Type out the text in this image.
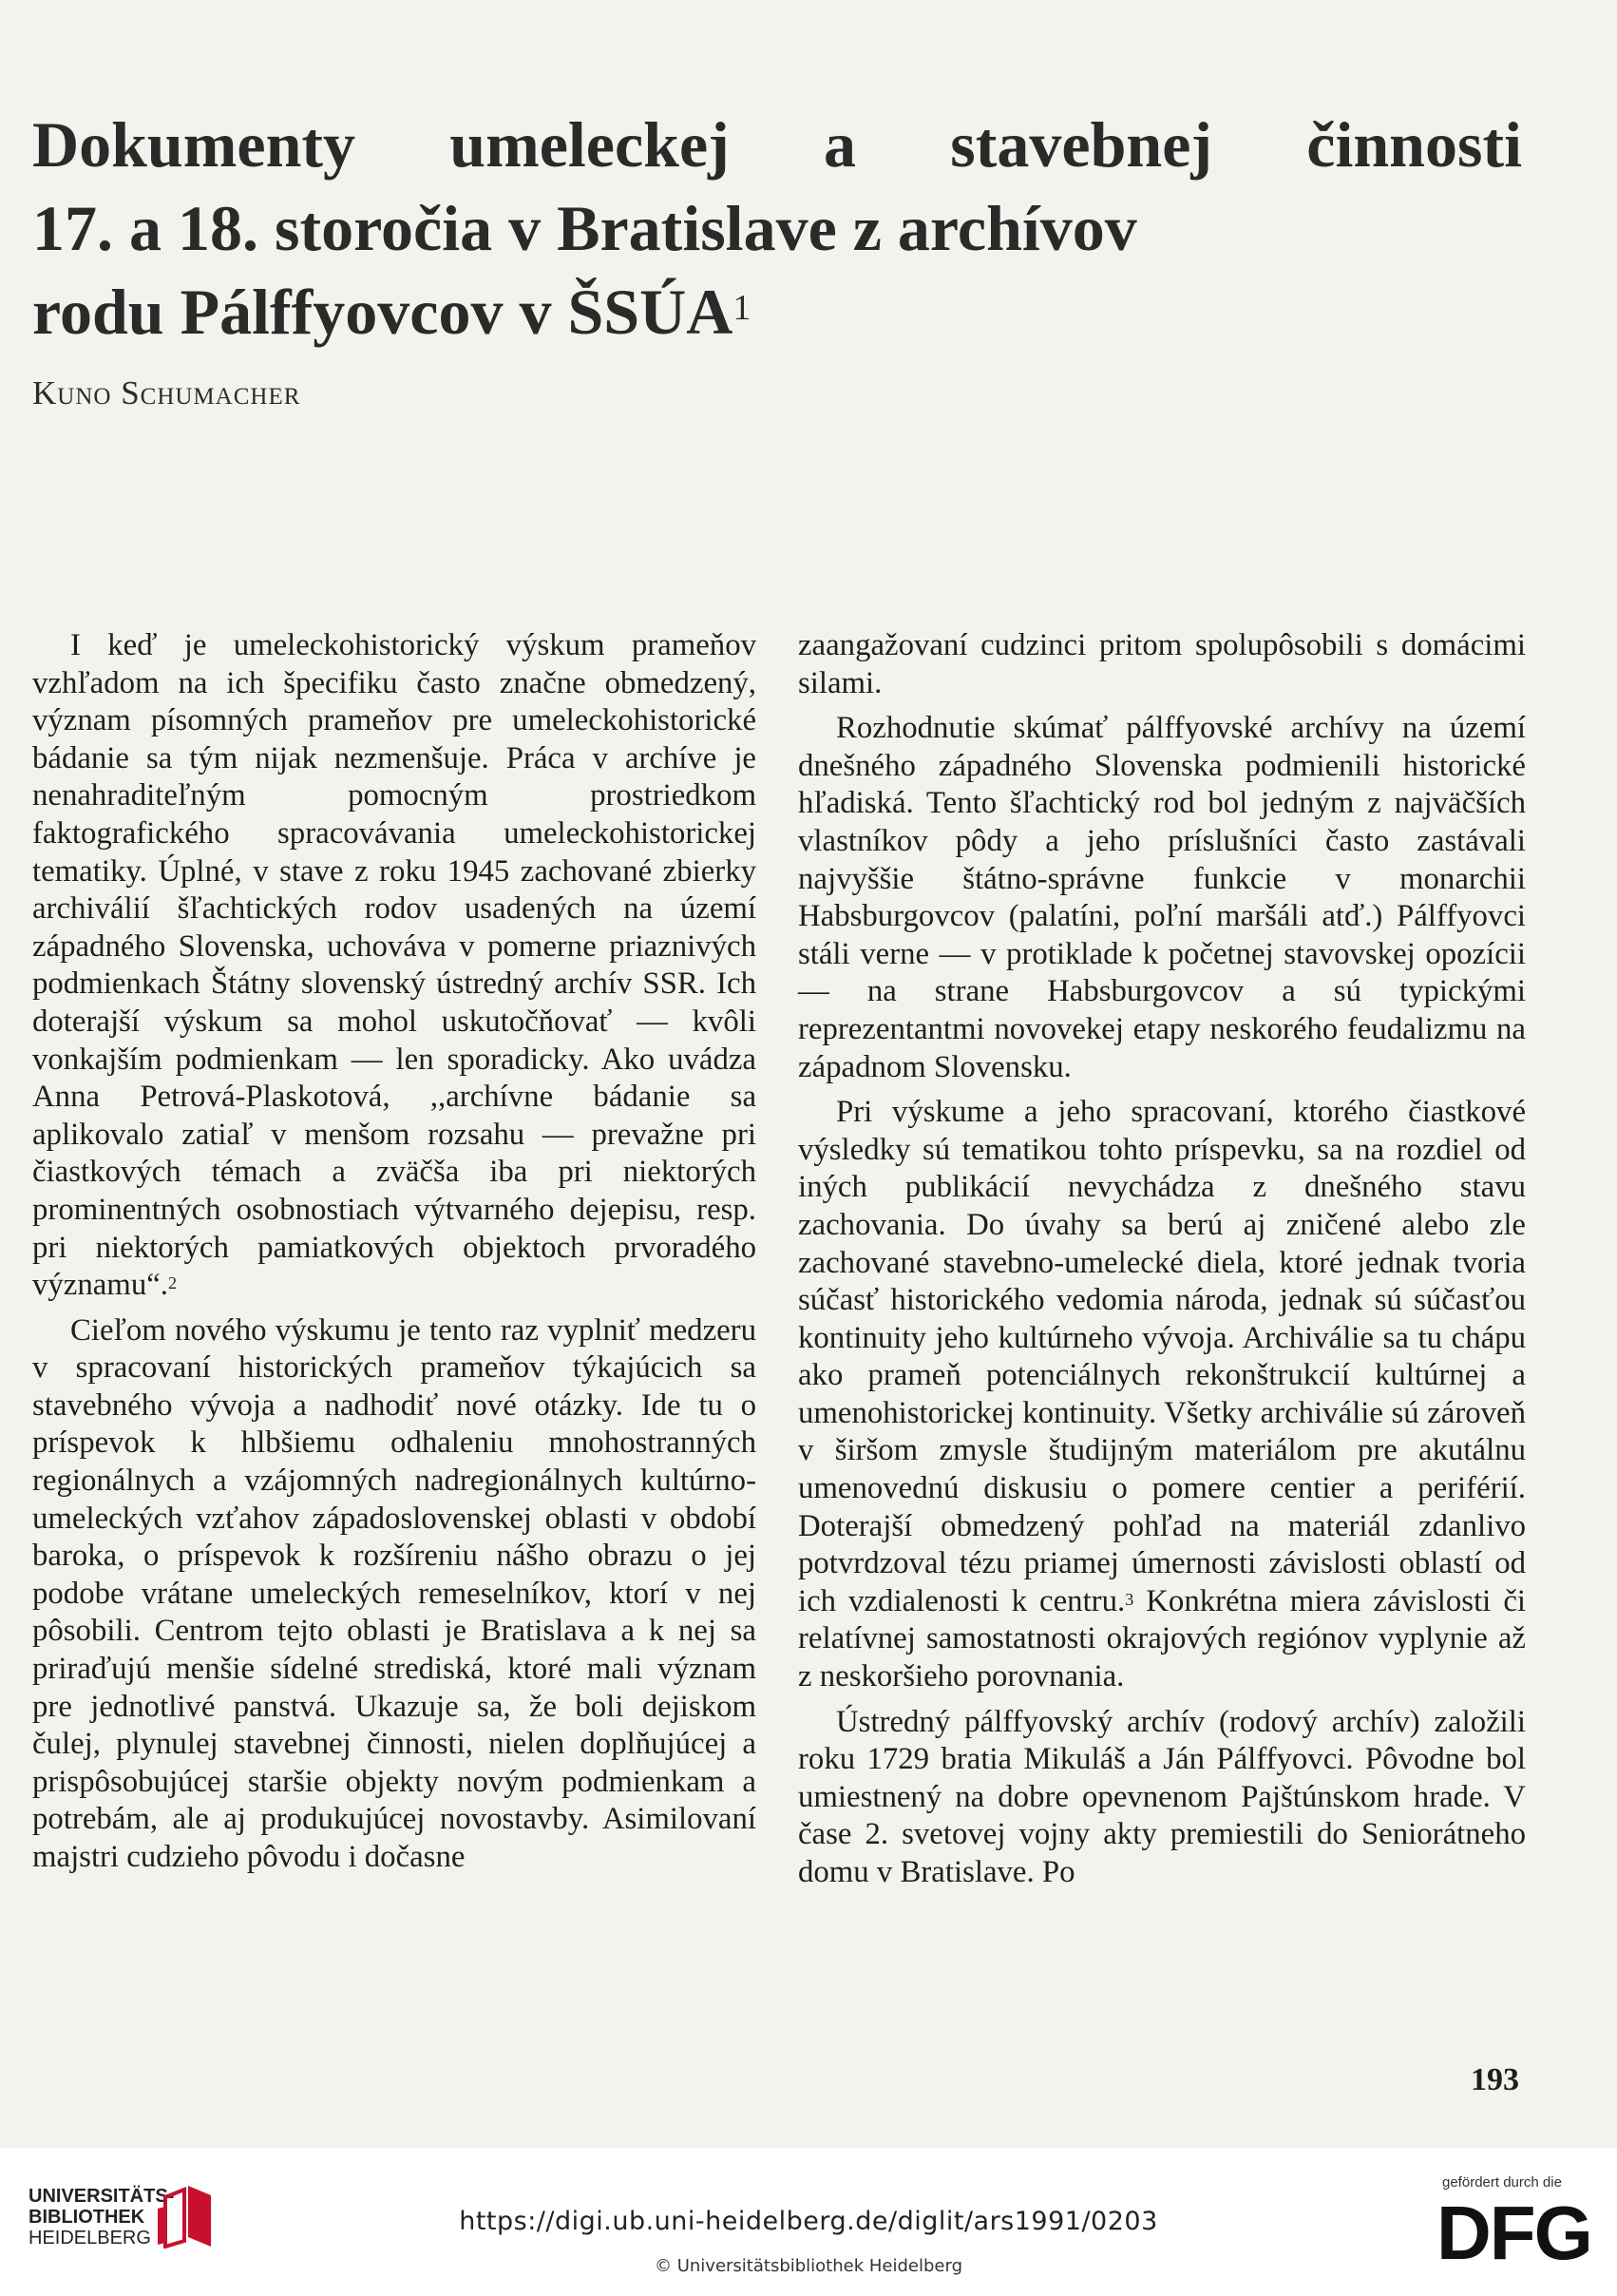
Dokumenty umeleckej a stavebnej činnosti
17. a 18. storočia v Bratislave z archívov
rodu Pálffyovcov v ŠSÚA$^1$
Kuno Schumacher

I keď je umeleckohistorický výskum prameňov vzhľadom na ich špecifiku často značne obmedzený, význam písomných prameňov pre umeleckohistorické bádanie sa tým nijak nezmenšuje. Práca v archíve je nenahraditeľným pomocným prostriedkom faktografického spracovávania umeleckohistorickej tematiky. Úplné, v stave z roku 1945 zachované zbierky archiválií šľachtických rodov usadených na území západného Slovenska, uchováva v pomerne priaznivých podmienkach Štátny slovenský ústredný archív SSR. Ich doterajší výskum sa mohol uskutočňovať — kvôli vonkajším podmienkam — len sporadicky. Ako uvádza Anna Petrová-Plaskotová, ,,archívne bádanie sa aplikovalo zatiaľ v menšom rozsahu — prevažne pri čiastkových témach a zväčša iba pri niektorých prominentných osobnostiach výtvarného dejepisu, resp. pri niektorých pamiatkových objektoch prvoradého významu“.$^2$

Cieľom nového výskumu je tento raz vyplniť medzeru v spracovaní historických prameňov týkajúcich sa stavebného vývoja a nadhodiť nové otázky. Ide tu o príspevok k hlbšiemu odhaleniu mnohostranných regionálnych a vzájomných nadregionálnych kultúrno-umeleckých vzťahov západoslovenskej oblasti v období baroka, o príspevok k rozšíreniu nášho obrazu o jej podobe vrátane umeleckých remeselníkov, ktorí v nej pôsobili. Centrom tejto oblasti je Bratislava a k nej sa priraďujú menšie sídelné strediská, ktoré mali význam pre jednotlivé panstvá. Ukazuje sa, že boli dejiskom čulej, plynulej stavebnej činnosti, nielen doplňujúcej a prispôsobujúcej staršie objekty novým podmienkam a potrebám, ale aj produkujúcej novostavby. Asimilovaní majstri cudzieho pôvodu i dočasne

zaangažovaní cudzinci pritom spolupôsobili s domácimi silami.

Rozhodnutie skúmať pálffyovské archívy na území dnešného západného Slovenska podmienili historické hľadiská. Tento šľachtický rod bol jedným z najväčších vlastníkov pôdy a jeho príslušníci často zastávali najvyššie štátno-správne funkcie v monarchii Habsburgovcov (palatíni, poľní maršáli atď.) Pálffyovci stáli verne — v protiklade k početnej stavovskej opozícii — na strane Habsburgovcov a sú typickými reprezentantmi novovekej etapy neskorého feudalizmu na západnom Slovensku.

Pri výskume a jeho spracovaní, ktorého čiastkové výsledky sú tematikou tohto príspevku, sa na rozdiel od iných publikácií nevychádza z dnešného stavu zachovania. Do úvahy sa berú aj zničené alebo zle zachované stavebno-umelecké diela, ktoré jednak tvoria súčasť historického vedomia národa, jednak sú súčasťou kontinuity jeho kultúrneho vývoja. Archiválie sa tu chápu ako prameň potenciálnych rekonštrukcií kultúrnej a umenohistorickej kontinuity. Všetky archiválie sú zároveň v širšom zmysle študijným materiálom pre akutálnu umenovednú diskusiu o pomere centier a periférií. Doterajší obmedzený pohľad na materiál zdanlivo potvrdzoval tézu priamej úmernosti závislosti oblastí od ich vzdialenosti k centru.$^3$ Konkrétna miera závislosti či relatívnej samostatnosti okrajových regiónov vyplynie až z neskoršieho porovnania.

Ústredný pálffyovský archív (rodový archív) založili roku 1729 bratia Mikuláš a Ján Pálffyovci. Pôvodne bol umiestnený na dobre opevnenom Pajštúnskom hrade. V čase 2. svetovej vojny akty premiestili do Seniorátneho domu v Bratislave. Po

193
UNIVERSITÄTS-
BIBLIOTHEK
HEIDELBERG
https://digi.ub.uni-heidelberg.de/diglit/ars1991/0203
© Universitätsbibliothek Heidelberg
gefördert durch die
DFG
